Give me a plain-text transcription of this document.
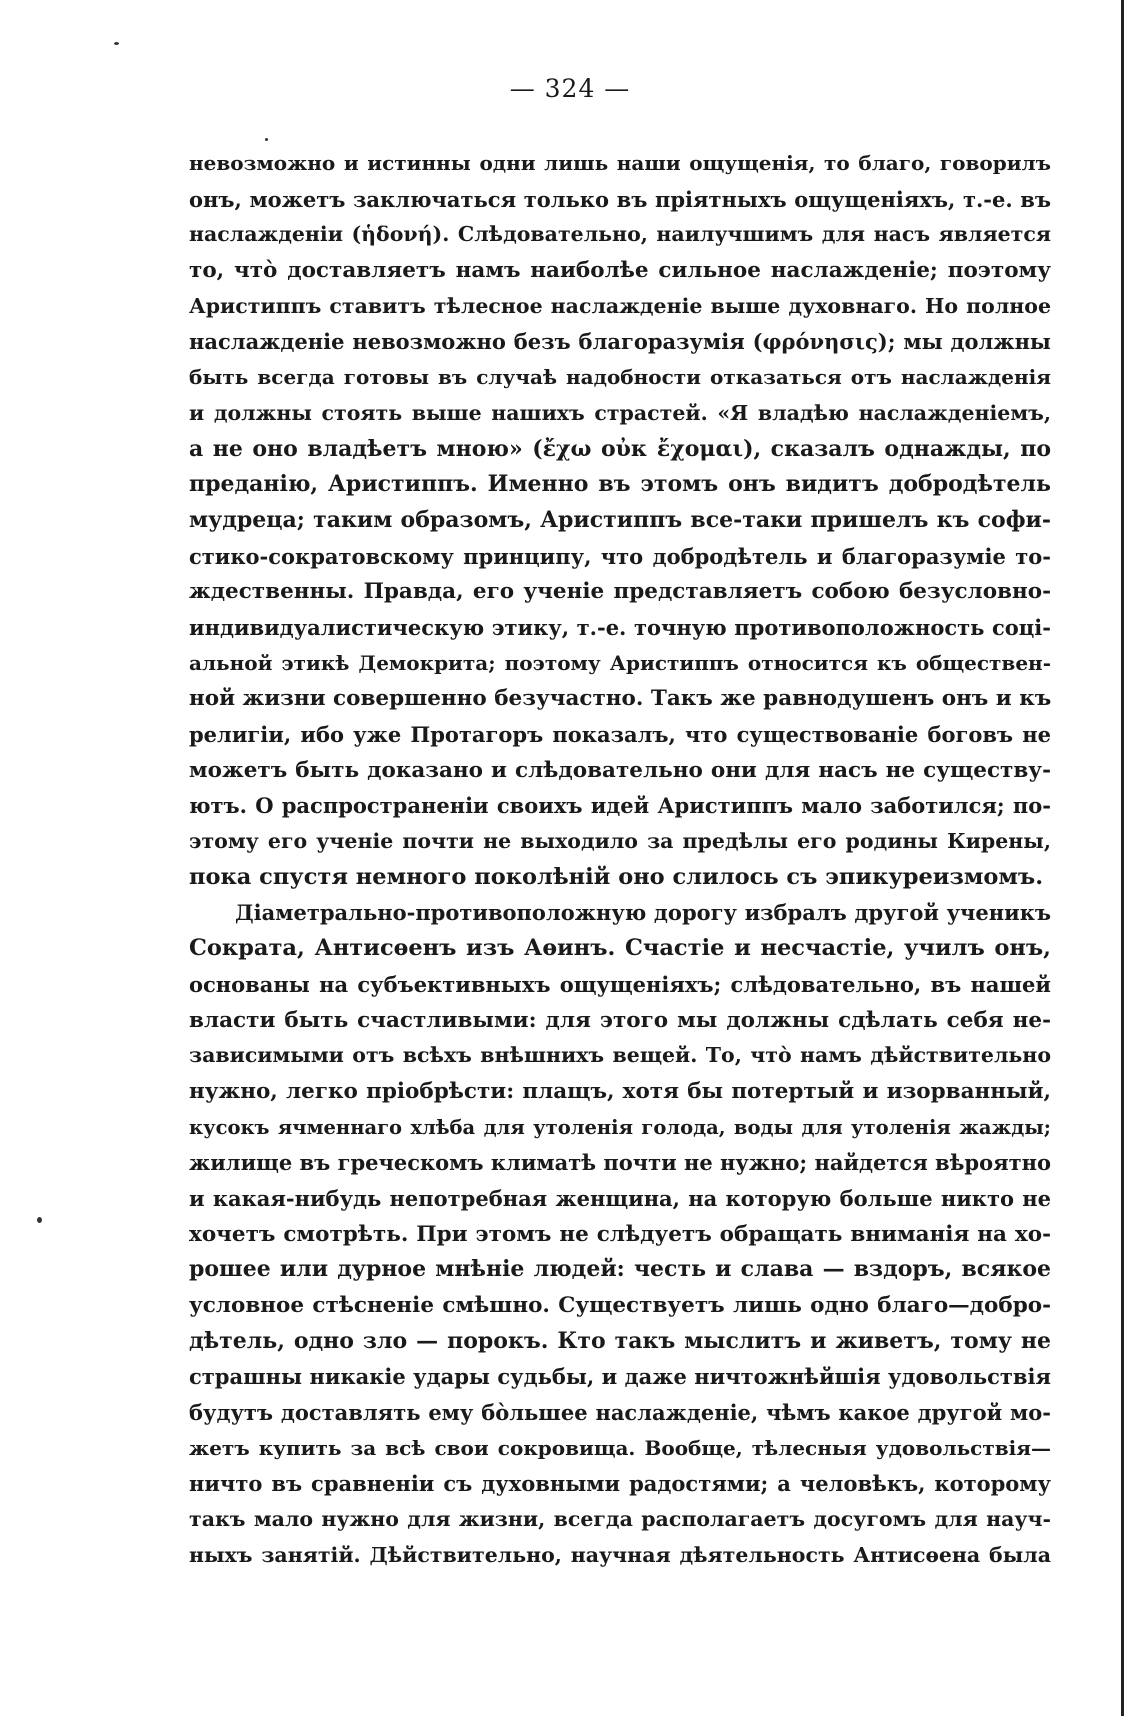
— 324 —
невозможно и истинны одни лишь наши ощущенія, то благо, говорилъ
онъ, можетъ заключаться только въ пріятныхъ ощущеніяхъ, т.-е. въ
наслажденіи (ἡδονή). Слѣдовательно, наилучшимъ для насъ является
то, что̀ доставляетъ намъ наиболѣе сильное наслажденіе; поэтому
Аристиппъ ставитъ тѣлесное наслажденіе выше духовнаго. Но полное
наслажденіе невозможно безъ благоразумія (φρόνησις); мы должны
быть всегда готовы въ случаѣ надобности отказаться отъ наслажденія
и должны стоять выше нашихъ страстей. «Я владѣю наслажденіемъ,
а не оно владѣетъ мною» (ἔχω οὐκ ἔχομαι), сказалъ однажды, по
преданію, Аристиппъ. Именно въ этомъ онъ видитъ добродѣтель
мудреца; таким образомъ, Аристиппъ все-таки пришелъ къ софи-
стико-сократовскому принципу, что добродѣтель и благоразуміе то-
ждественны. Правда, его ученіе представляетъ собою безусловно-
индивидуалистическую этику, т.-е. точную противоположность соці-
альной этикѣ Демокрита; поэтому Аристиппъ относится къ обществен-
ной жизни совершенно безучастно. Такъ же равнодушенъ онъ и къ
религіи, ибо уже Протагоръ показалъ, что существованіе боговъ не
можетъ быть доказано и слѣдовательно они для насъ не существу-
ютъ. О распространеніи своихъ идей Аристиппъ мало заботился; по-
этому его ученіе почти не выходило за предѣлы его родины Кирены,
пока спустя немного поколѣній оно слилось съ эпикуреизмомъ.
Діаметрально-противоположную дорогу избралъ другой ученикъ
Сократа, Антисѳенъ изъ Аѳинъ. Счастіе и несчастіе, училъ онъ,
основаны на субъективныхъ ощущеніяхъ; слѣдовательно, въ нашей
власти быть счастливыми: для этого мы должны сдѣлать себя не-
зависимыми отъ всѣхъ внѣшнихъ вещей. То, что̀ намъ дѣйствительно
нужно, легко пріобрѣсти: плащъ, хотя бы потертый и изорванный,
кусокъ ячменнаго хлѣба для утоленія голода, воды для утоленія жажды;
жилище въ греческомъ климатѣ почти не нужно; найдется вѣроятно
и какая-нибудь непотребная женщина, на которую больше никто не
хочетъ смотрѣть. При этомъ не слѣдуетъ обращать вниманія на хо-
рошее или дурное мнѣніе людей: честь и слава — вздоръ, всякое
условное стѣсненіе смѣшно. Существуетъ лишь одно благо—добро-
дѣтель, одно зло — порокъ. Кто такъ мыслитъ и живетъ, тому не
страшны никакіе удары судьбы, и даже ничтожнѣйшія удовольствія
будутъ доставлять ему бо̀льшее наслажденіе, чѣмъ какое другой мо-
жетъ купить за всѣ свои сокровища. Вообще, тѣлесныя удовольствія—
ничто въ сравненіи съ духовными радостями; а человѣкъ, которому
такъ мало нужно для жизни, всегда располагаетъ досугомъ для науч-
ныхъ занятій. Дѣйствительно, научная дѣятельность Антисѳена была
